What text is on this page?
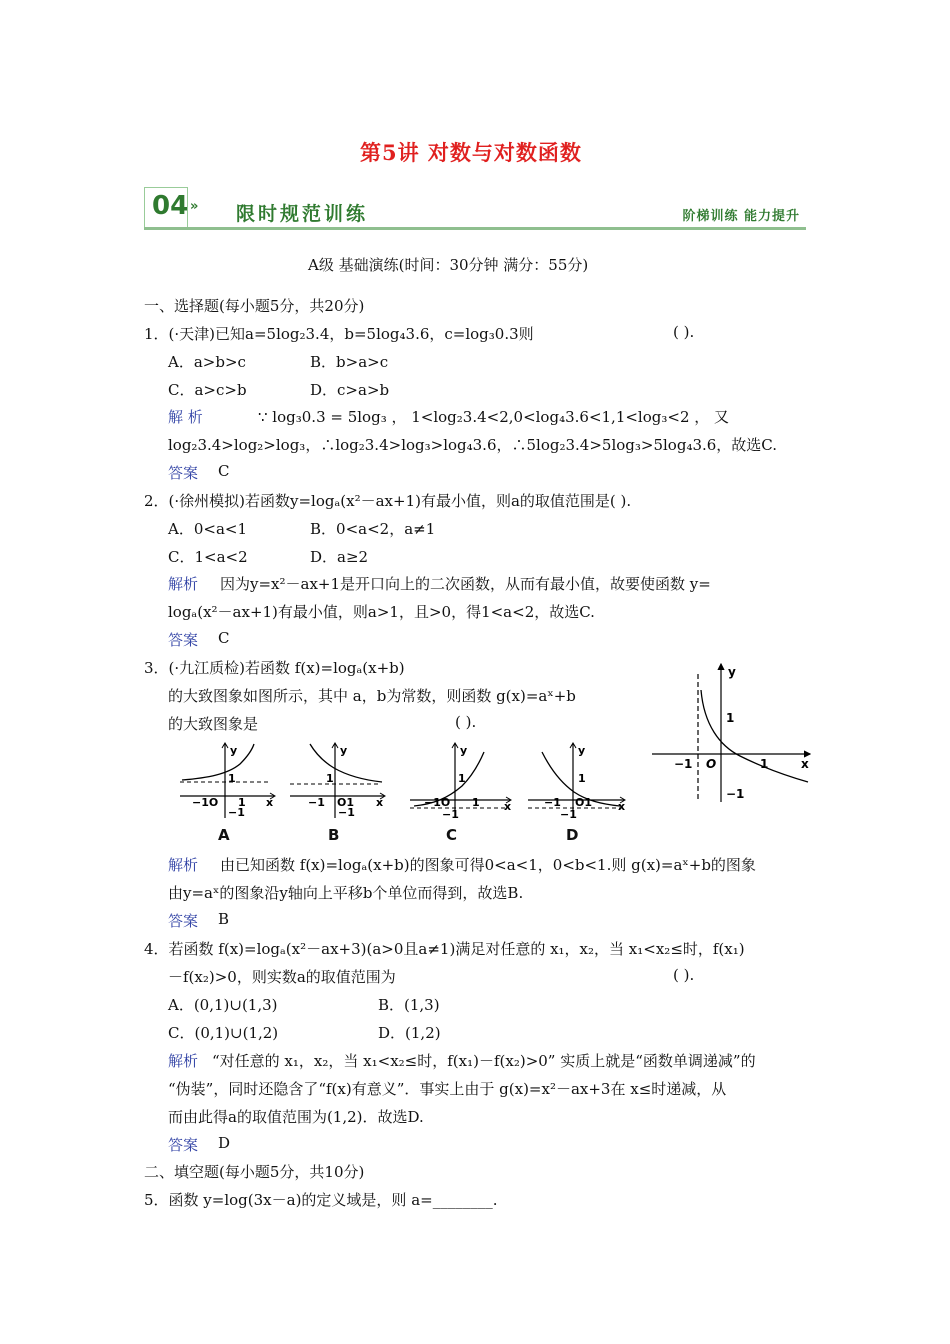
第5讲 对数与对数函数
04 » 限时规范训练	阶梯训练 能力提升
A级 基础演练(时间：30分钟 满分：55分)
一、选择题(每小题5分，共20分)
1．(·天津)已知a=5log₂3.4，b=5log₄3.6，c=log₃0.3则	( ).
A．a>b>c	B．b>a>c
C．a>c>b	D．c>a>b
解 析	∵ log₃0.3 = 5log₃ ， 1<log₂3.4<2,0<log₄3.6<1,1<log₃<2 ， 又
log₂3.4>log₂>log₃，∴log₂3.4>log₃>log₄3.6，∴5log₂3.4>5log₃>5log₄3.6，故选C.
答案 C
2．(·徐州模拟)若函数y=logₐ(x²－ax+1)有最小值，则a的取值范围是( ).
A．0<a<1	B．0<a<2，a≠1
C．1<a<2	D．a≥2
解析 因为y=x²－ax+1是开口向上的二次函数，从而有最小值，故要使函数 y=
logₐ(x²－ax+1)有最小值，则a>1，且>0，得1<a<2，故选C.
答案 C
3．(·九江质检)若函数 f(x)=logₐ(x+b)
的大致图象如图所示，其中 a，b为常数，则函数 g(x)=aˣ+b
的大致图象是	( ).
y
x
1
1
−1 O
−1
y
x
1
−1O 1
−1
A
y
x
1
−1 O1
−1
B
y
x
1
−1O 1
−1
C
y
x
1
−1 O1
−1
D
解析 由已知函数 f(x)=logₐ(x+b)的图象可得0<a<1，0<b<1.则 g(x)=aˣ+b的图象
由y=aˣ的图象沿y轴向上平移b个单位而得到，故选B.
答案 B
4．若函数 f(x)=logₐ(x²－ax+3)(a>0且a≠1)满足对任意的 x₁，x₂，当 x₁<x₂≤时，f(x₁)
－f(x₂)>0，则实数a的取值范围为	( ).
A．(0,1)∪(1,3)	B．(1,3)
C．(0,1)∪(1,2)	D．(1,2)
解析 “对任意的 x₁，x₂，当 x₁<x₂≤时，f(x₁)－f(x₂)>0” 实质上就是“函数单调递减”的
“伪装”，同时还隐含了“f(x)有意义”．事实上由于 g(x)=x²－ax+3在 x≤时递减，从
而由此得a的取值范围为(1,2)．故选D.
答案 D
二、填空题(每小题5分，共10分)
5．函数 y=log(3x－a)的定义域是，则 a=________.
